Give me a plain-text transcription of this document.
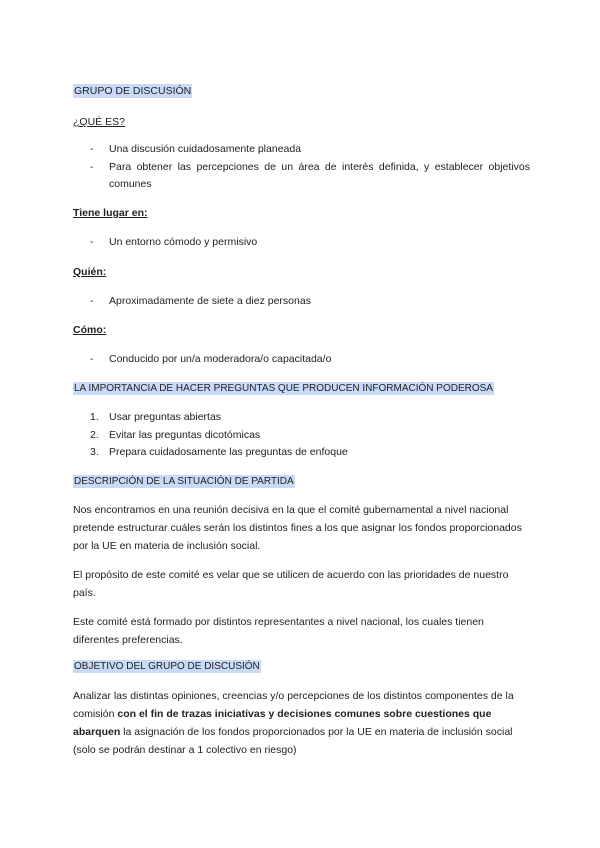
GRUPO DE DISCUSIÓN
¿QUÉ ES?
-	Una discusión cuidadosamente planeada
-	Para obtener las percepciones de un área de interés definida, y establecer objetivos comunes
Tiene lugar en:
-	Un entorno cómodo y permisivo
Quién:
-	Aproximadamente de siete a diez personas
Cómo:
-	Conducido por un/a moderadora/o capacitada/o
LA IMPORTANCIA DE HACER PREGUNTAS QUE PRODUCEN INFORMACIÓN PODEROSA
1. Usar preguntas abiertas
2. Evitar las preguntas dicotómicas
3. Prepara cuidadosamente las preguntas de enfoque
DESCRIPCIÓN DE LA SITUACIÓN DE PARTIDA

Nos encontramos en una reunión decisiva en la que el comité gubernamental a nivel nacional pretende estructurar cuáles serán los distintos fines a los que asignar los fondos proporcionados por la UE en materia de inclusión social.

El propósito de este comité es velar que se utilicen de acuerdo con las prioridades de nuestro país.

Este comité está formado por distintos representantes a nivel nacional, los cuales tienen diferentes preferencias.

OBJETIVO DEL GRUPO DE DISCUSIÓN

Analizar las distintas opiniones, creencias y/o percepciones de los distintos componentes de la comisión con el fin de trazas iniciativas y decisiones comunes sobre cuestiones que abarquen la asignación de los fondos proporcionados por la UE en materia de inclusión social (solo se podrán destinar a 1 colectivo en riesgo)
